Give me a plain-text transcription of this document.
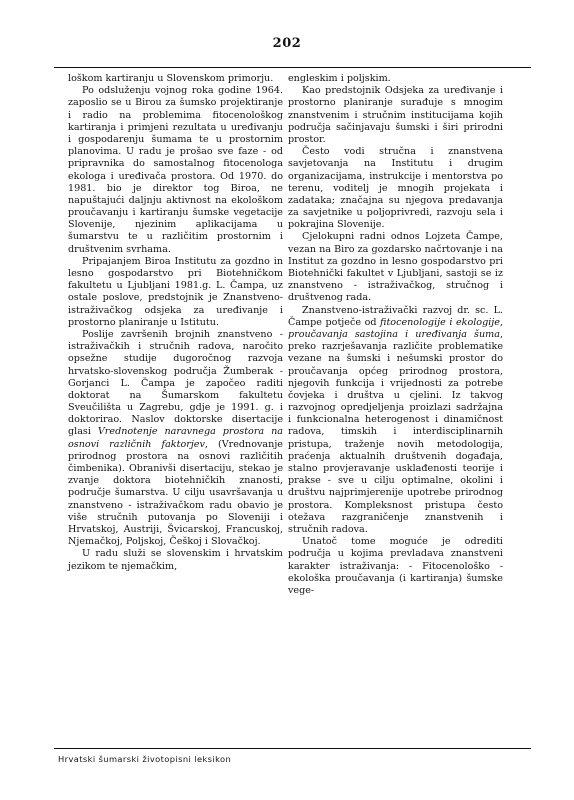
202

loškom kartiranju u Slovenskom primorju.

Po odsluženju vojnog roka godine 1964. zaposlio se u Birou za šumsko projektiranje i radio na problemima fitocenološkog kartiranja i primjeni rezultata u uređivanju i gospodarenju šumama te u prostornim planovima. U radu je prošao sve faze - od pripravnika do samostalnog fitocenologa ekologa i uređivača prostora. Od 1970. do 1981. bio je direktor tog Biroa, ne napuštajući daljnju aktivnost na ekološkom proučavanju i kartiranju šumske vegetacije Slovenije, njezinim aplikacijama u šumarstvu te u različitim prostornim i društvenim svrhama.

Pripajanjem Biroa Institutu za gozdno in lesno gospodarstvo pri Biotehničkom fakultetu u Ljubljani 1981.g. L. Čampa, uz ostale poslove, predstojnik je Znanstveno-istraživačkog odsjeka za uređivanje i prostorno planiranje u Istitutu.

Poslije završenih brojnih znanstveno - istraživačkih i stručnih radova, naročito opsežne studije dugoročnog razvoja hrvatsko-slovenskog područja Žumberak - Gorjanci L. Čampa je započeo raditi doktorat na Šumarskom fakultetu Sveučilišta u Zagrebu, gdje je 1991. g. i doktorirao. Naslov doktorske disertacije glasi Vrednotenje naravnega prostora na osnovi različnih faktorjev, (Vrednovanje prirodnog prostora na osnovi različitih čimbenika). Obranivši disertaciju, stekao je zvanje doktora biotehničkih znanosti, područje šumarstva. U cilju usavršavanja u znanstveno - istraživačkom radu obavio je više stručnih putovanja po Sloveniji i Hrvatskoj, Austriji, Švicarskoj, Francuskoj, Njemačkoj, Poljskoj, Češkoj i Slovačkoj.

U radu služi se slovenskim i hrvatskim jezikom te njemačkim,

engleskim i poljskim.

Kao predstojnik Odsjeka za uređivanje i prostorno planiranje surađuje s mnogim znanstvenim i stručnim institucijama kojih područja sačinjavaju šumski i širi prirodni prostor.

Često vodi stručna i znanstvena savjetovanja na Institutu i drugim organizacijama, instrukcije i mentorstva po terenu, voditelj je mnogih projekata i zadataka; značajna su njegova predavanja za savjetnike u poljoprivredi, razvoju sela i pokrajina Slovenije.

Cjelokupni radni odnos Lojzeta Čampe, vezan na Biro za gozdarsko načrtovanje i na Institut za gozdno in lesno gospodarstvo pri Biotehnički fakultet v Ljubljani, sastoji se iz znanstveno - istraživačkog, stručnog i društvenog rada.

Znanstveno-istraživački razvoj dr. sc. L. Čampe potječe od fitocenologije i ekologije, proučavanja sastojina i uređivanja šuma, preko razrješavanja različite problematike vezane na šumski i nešumski prostor do proučavanja općeg prirodnog prostora, njegovih funkcija i vrijednosti za potrebe čovjeka i društva u cjelini. Iz takvog razvojnog opredjeljenja proizlazi sadržajna i funkcionalna heterogenost i dinamičnost radova, timskih i interdisciplinarnih pristupa, traženje novih metodologija, praćenja aktualnih društvenih događaja, stalno provjeravanje usklađenosti teorije i prakse - sve u cilju optimalne, okolini i društvu najprimjerenije upotrebe prirodnog prostora. Kompleksnost pristupa često otežava razgraničenje znanstvenih i stručnih radova.

Unatoč tome moguće je odrediti područja u kojima prevladava znanstveni karakter istraživanja: - Fitocenološko - ekološka proučavanja (i kartiranja) šumske vege-

Hrvatski šumarski životopisni leksikon
